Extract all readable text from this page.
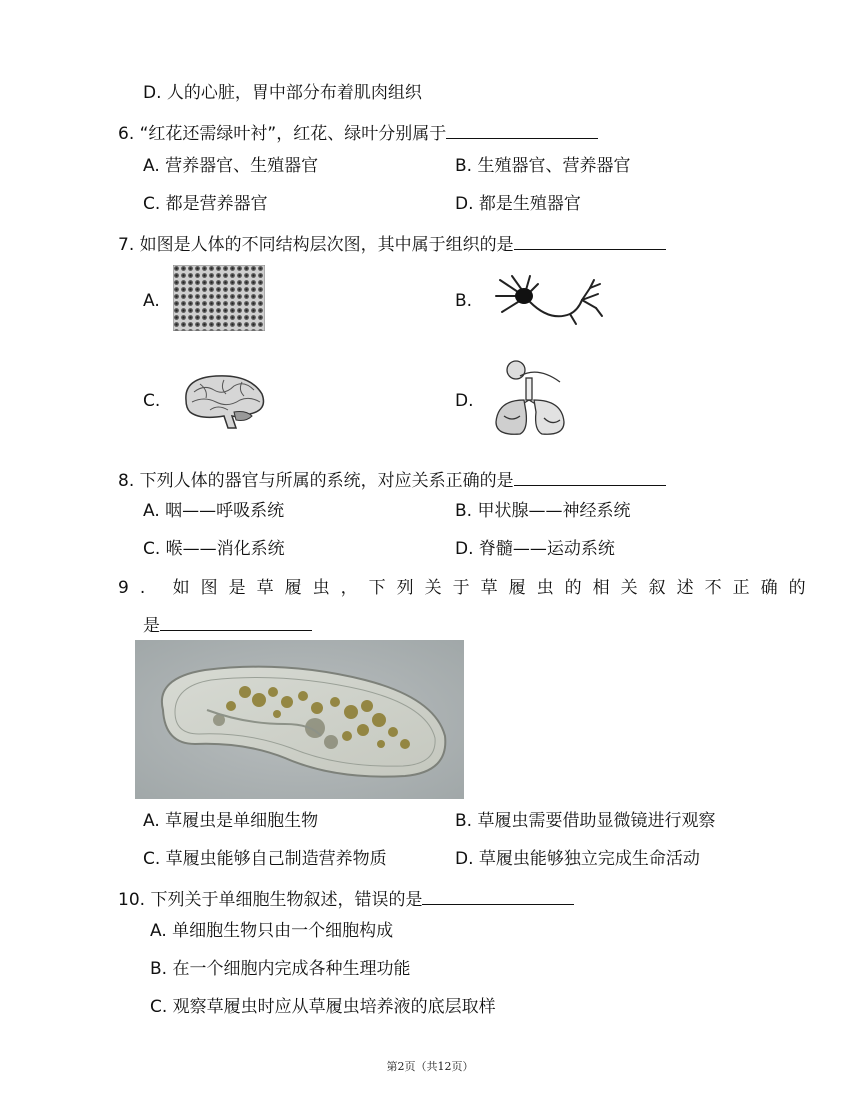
D. 人的心脏，胃中部分布着肌肉组织
6. “红花还需绿叶衬”，红花、绿叶分别属于
A. 营养器官、生殖器官	B. 生殖器官、营养器官
C. 都是营养器官	D. 都是生殖器官
7. 如图是人体的不同结构层次图，其中属于组织的是
A.	B.
C.	D.
8. 下列人体的器官与所属的系统，对应关系正确的是
A. 咽——呼吸系统	B. 甲状腺——神经系统
C. 喉——消化系统	D. 脊髓——运动系统
9. 如图是草履虫，下列关于草履虫的相关叙述不正确的
是
A. 草履虫是单细胞生物	B. 草履虫需要借助显微镜进行观察
C. 草履虫能够自己制造营养物质	D. 草履虫能够独立完成生命活动
10. 下列关于单细胞生物叙述，错误的是
A. 单细胞生物只由一个细胞构成
B. 在一个细胞内完成各种生理功能
C. 观察草履虫时应从草履虫培养液的底层取样
第2页（共12页）
